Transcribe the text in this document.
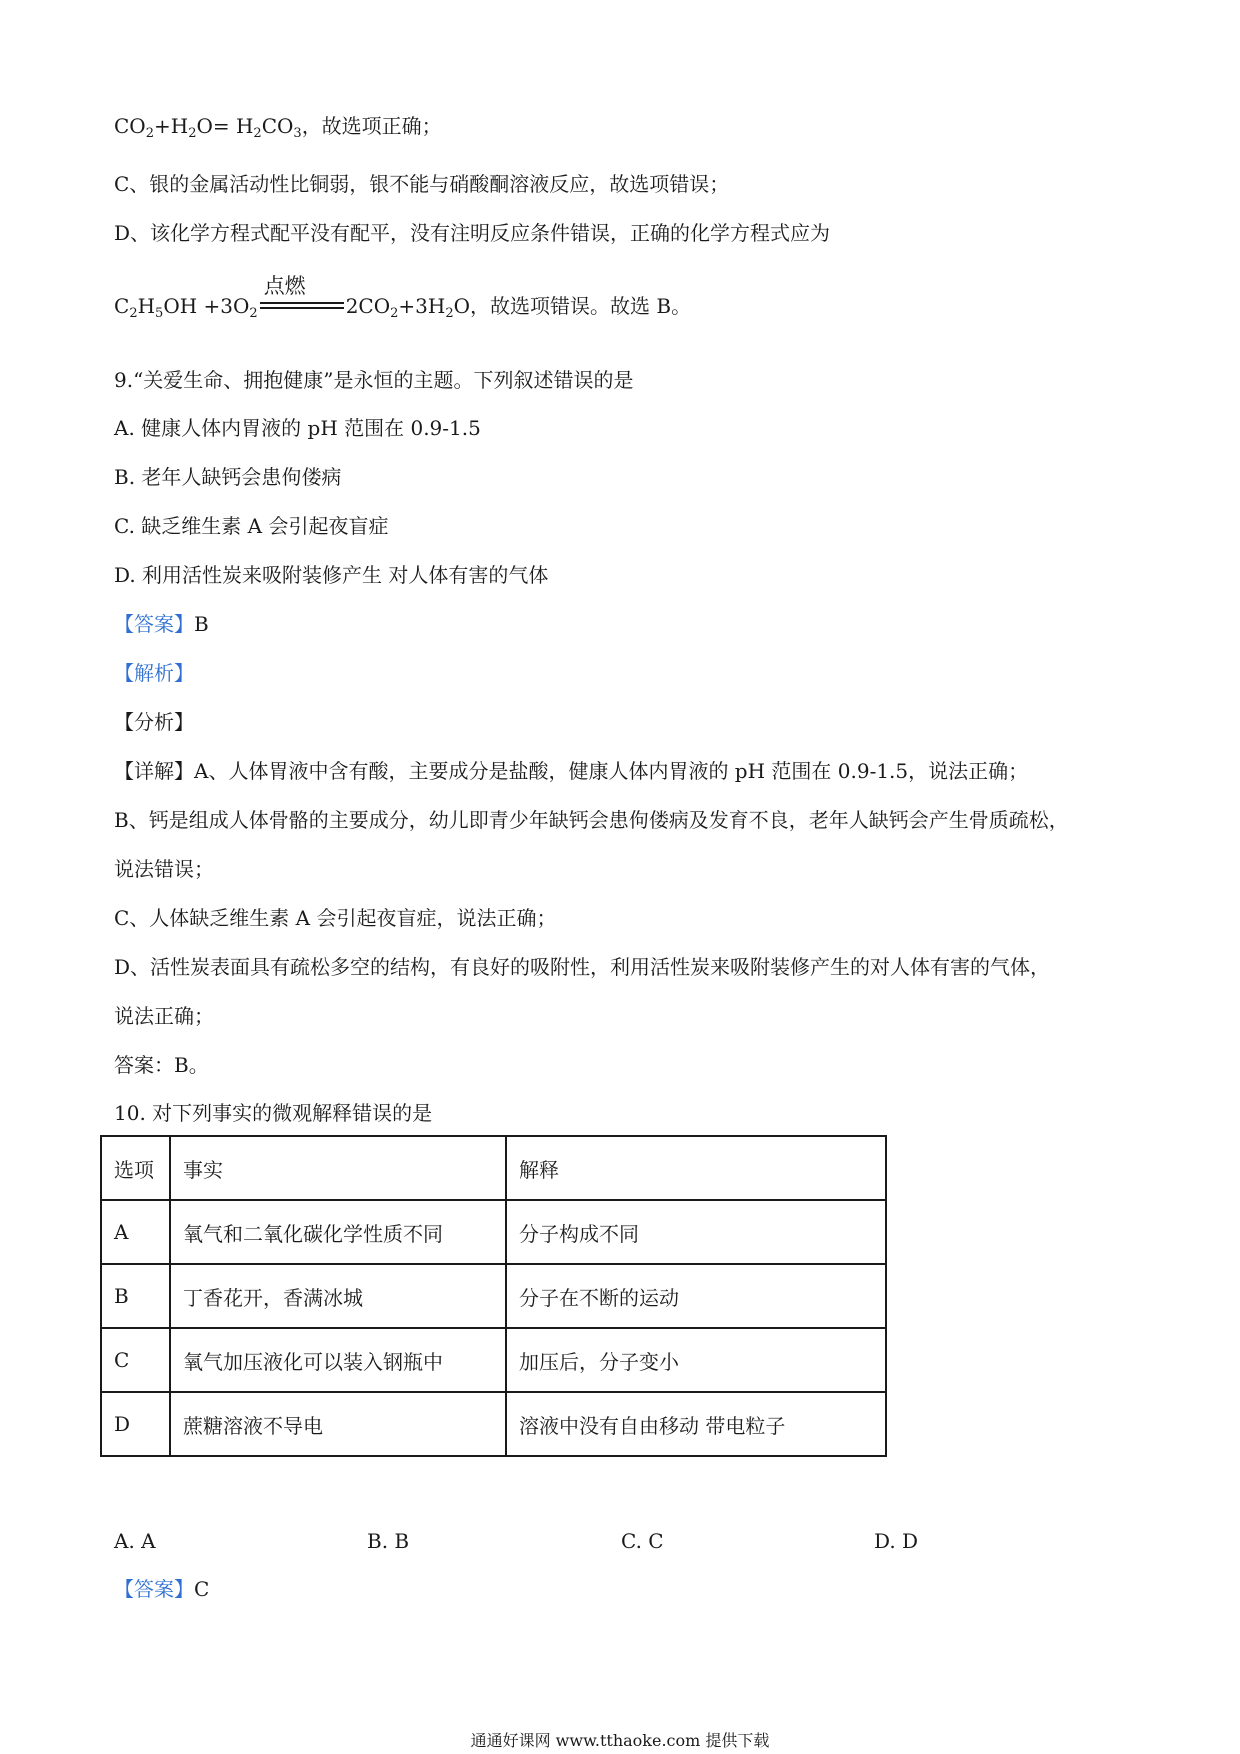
$CO_2+H_2O= H_2CO_3$，故选项正确；
C、银的金属活动性比铜弱，银不能与硝酸酮溶液反应，故选项错误；
D、该化学方程式配平没有配平，没有注明反应条件错误，正确的化学方程式应为
$C_2H_5OH +3O_2$
点燃
$2CO_2+3H_2O$，故选项错误。故选 B。
9.“关爱生命、拥抱健康”是永恒的主题。下列叙述错误的是
A. 健康人体内胃液的 pH 范围在 0.9-1.5
B. 老年人缺钙会患佝偻病
C. 缺乏维生素 A 会引起夜盲症
D. 利用活性炭来吸附装修产生 对人体有害的气体
【答案】B
【解析】
【分析】
【详解】A、人体胃液中含有酸，主要成分是盐酸，健康人体内胃液的 pH 范围在 0.9-1.5，说法正确；
B、钙是组成人体骨骼的主要成分，幼儿即青少年缺钙会患佝偻病及发育不良，老年人缺钙会产生骨质疏松，
说法错误；
C、人体缺乏维生素 A 会引起夜盲症，说法正确；
D、活性炭表面具有疏松多空的结构，有良好的吸附性，利用活性炭来吸附装修产生的对人体有害的气体，
说法正确；
答案：B。
10. 对下列事实的微观解释错误的是
选项	事实	解释
A	氧气和二氧化碳化学性质不同	分子构成不同
B	丁香花开，香满冰城	分子在不断的运动
C	氧气加压液化可以装入钢瓶中	加压后，分子变小
D	蔗糖溶液不导电	溶液中没有自由移动 带电粒子
A. A	B. B	C. C	D. D
【答案】C
通通好课网 www.tthaoke.com 提供下载
